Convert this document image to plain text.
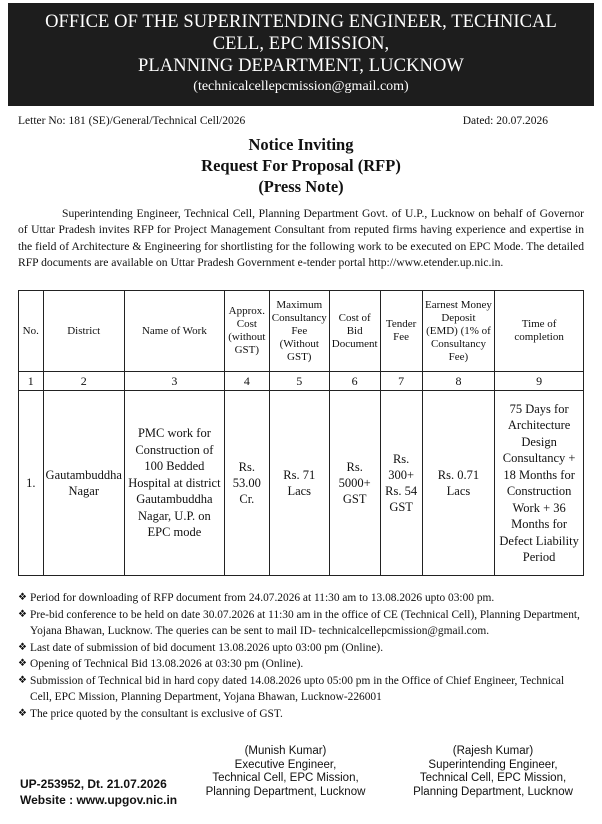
OFFICE OF THE SUPERINTENDING ENGINEER, TECHNICAL
CELL, EPC MISSION,
PLANNING DEPARTMENT, LUCKNOW
(technicalcellepcmission@gmail.com)
Letter No: 181 (SE)/General/Technical Cell/2026	Dated: 20.07.2026
Notice Inviting
Request For Proposal (RFP)
(Press Note)
Superintending Engineer, Technical Cell, Planning Department Govt. of U.P., Lucknow on behalf of Governor of Uttar Pradesh invites RFP for Project Management Consultant from reputed firms having experience and expertise in the field of Architecture & Engineering for shortlisting for the following work to be executed on EPC Mode. The detailed RFP documents are available on Uttar Pradesh Government e-tender portal http://www.etender.up.nic.in.
No.	District	Name of Work	Approx. Cost (without GST)	Maximum Consultancy Fee (Without GST)	Cost of Bid Document	Tender Fee	Earnest Money Deposit (EMD) (1% of Consultancy Fee)	Time of completion
1	2	3	4	5	6	7	8	9
1.	Gautambuddha Nagar	PMC work for Construction of 100 Bedded Hospital at district Gautambuddha Nagar, U.P. on EPC mode	Rs. 53.00 Cr.	Rs. 71 Lacs	Rs. 5000+ GST	Rs. 300+ Rs. 54 GST	Rs. 0.71 Lacs	75 Days for Architecture Design Consultancy + 18 Months for Construction Work + 36 Months for Defect Liability Period
❖ Period for downloading of RFP document from 24.07.2026 at 11:30 am to 13.08.2026 upto 03:00 pm.
❖ Pre-bid conference to be held on date 30.07.2026 at 11:30 am in the office of CE (Technical Cell), Planning Department, Yojana Bhawan, Lucknow. The queries can be sent to mail ID- technicalcellepcmission@gmail.com.
❖ Last date of submission of bid document 13.08.2026 upto 03:00 pm (Online).
❖ Opening of Technical Bid 13.08.2026 at 03:30 pm (Online).
❖ Submission of Technical bid in hard copy dated 14.08.2026 upto 05:00 pm in the Office of Chief Engineer, Technical Cell, EPC Mission, Planning Department, Yojana Bhawan, Lucknow-226001
❖ The price quoted by the consultant is exclusive of GST.
(Munish Kumar)
Executive Engineer,
Technical Cell, EPC Mission,
Planning Department, Lucknow
(Rajesh Kumar)
Superintending Engineer,
Technical Cell, EPC Mission,
Planning Department, Lucknow
UP-253952, Dt. 21.07.2026
Website : www.upgov.nic.in
